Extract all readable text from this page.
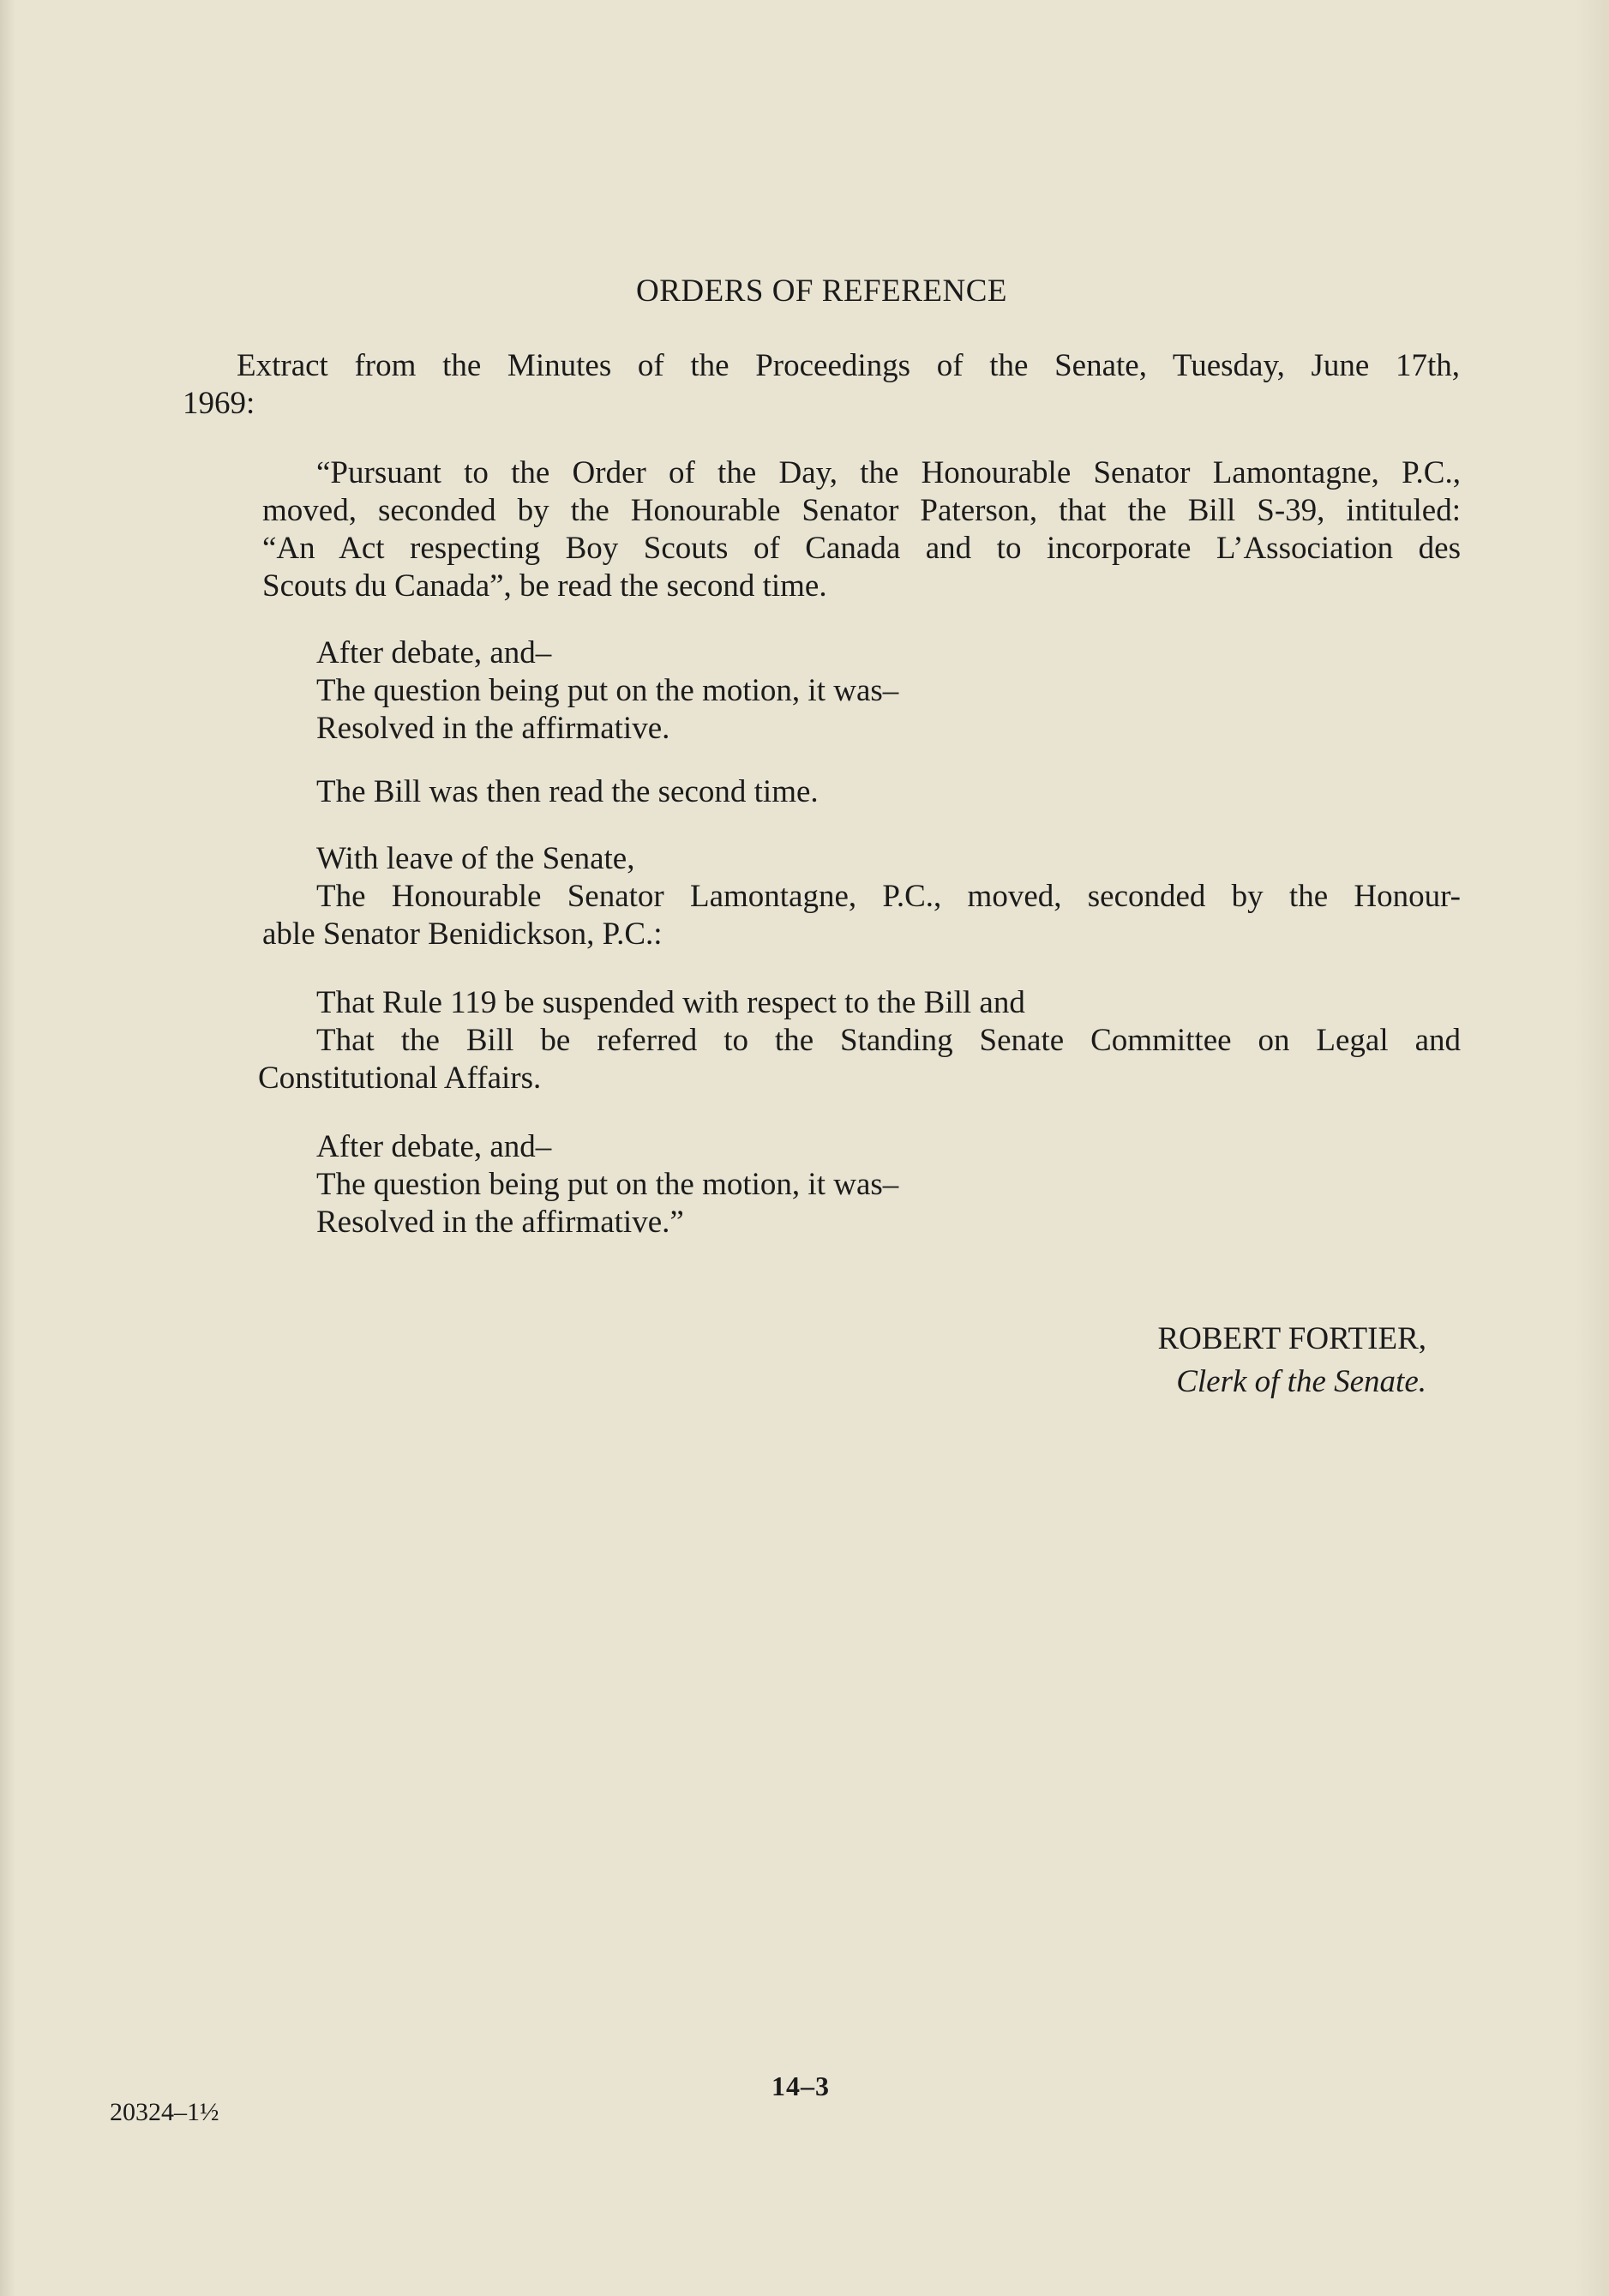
ORDERS OF REFERENCE
Extract from the Minutes of the Proceedings of the Senate, Tuesday, June 17th,
1969:
“Pursuant to the Order of the Day, the Honourable Senator Lamontagne, P.C.,
moved, seconded by the Honourable Senator Paterson, that the Bill S-39, intituled:
“An Act respecting Boy Scouts of Canada and to incorporate L’Association des
Scouts du Canada”, be read the second time.
After debate, and–
The question being put on the motion, it was–
Resolved in the affirmative.
The Bill was then read the second time.
With leave of the Senate,
The Honourable Senator Lamontagne, P.C., moved, seconded by the Honour-
able Senator Benidickson, P.C.:
That Rule 119 be suspended with respect to the Bill and
That the Bill be referred to the Standing Senate Committee on Legal and
Constitutional Affairs.
After debate, and–
The question being put on the motion, it was–
Resolved in the affirmative.”
ROBERT FORTIER,
Clerk of the Senate.
14–3
20324–1½
